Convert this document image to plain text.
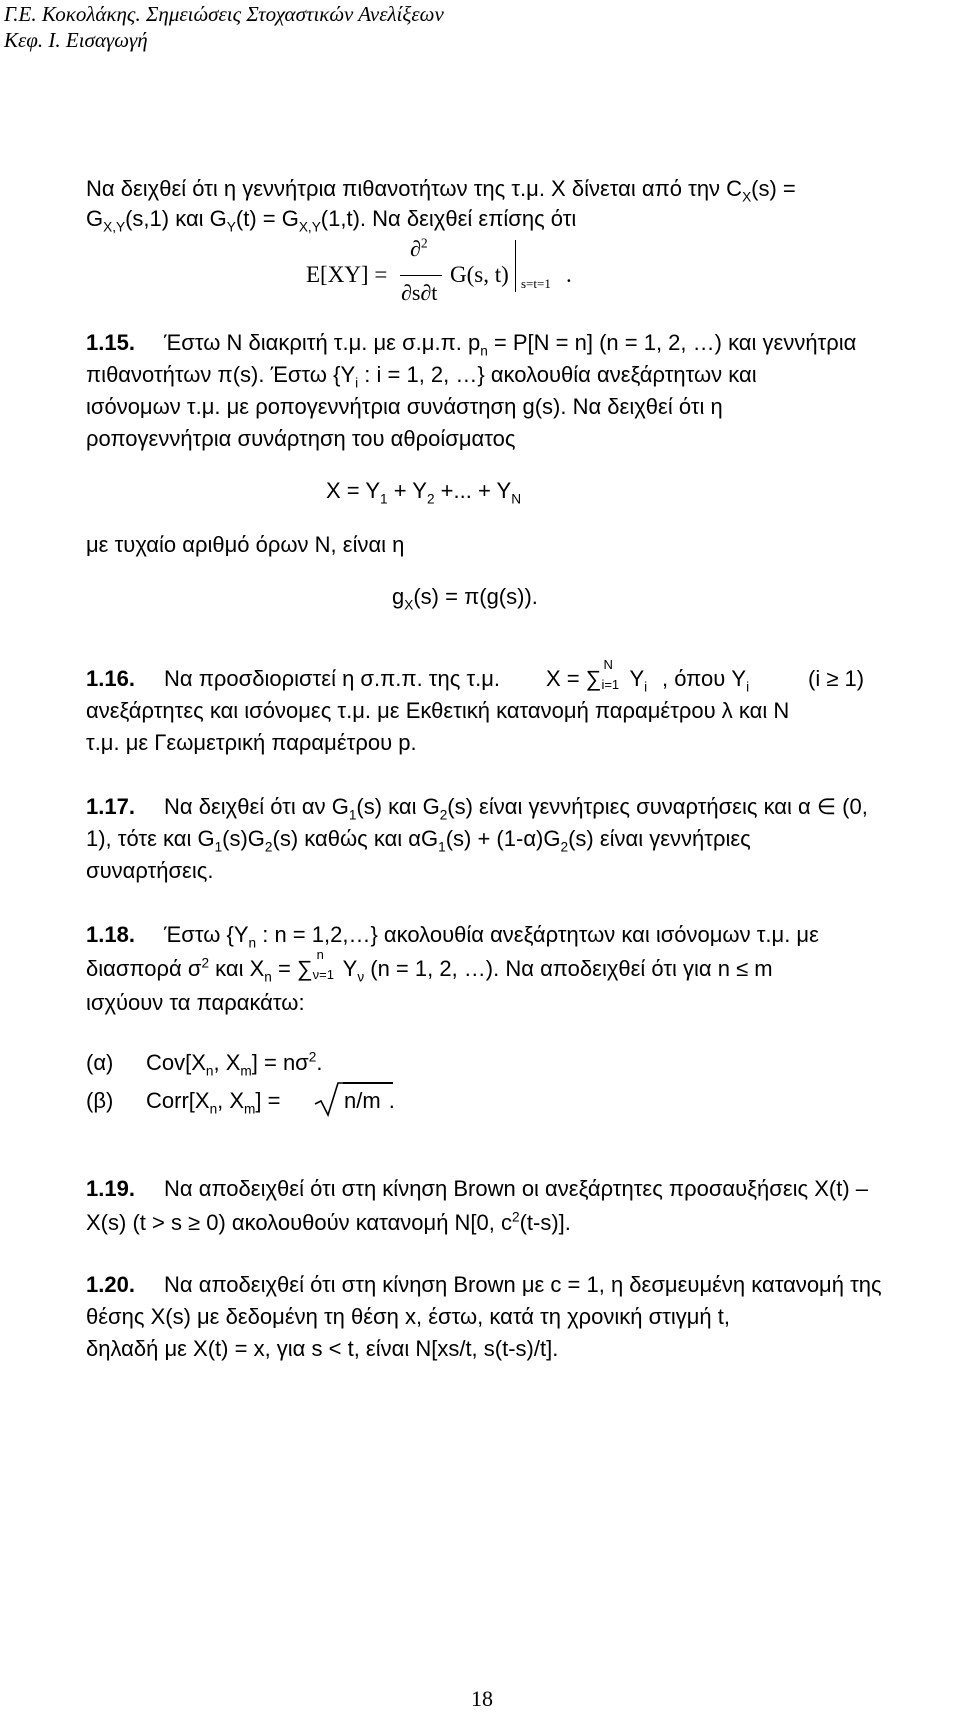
Γ.Ε. Κοκολάκης. Σημειώσεις Στοχαστικών Ανελίξεων
Κεφ. Ι. Εισαγωγή
Να δειχθεί ότι η γεννήτρια πιθανοτήτων της τ.μ. X δίνεται από την $C_X(s)$ =
$G_{X,Y}(s,1)$ και $G_Y(t) = G_{X,Y}(1,t)$. Να δειχθεί επίσης ότι
E[XY] =
∂$^2$
∂s∂t
G(s, t) s=t=1 .
1.15. Έστω N διακριτή τ.μ. με σ.μ.π. $p_n = P[N = n] (n = 1$, 2, …) και γεννήτρια
πιθανοτήτων π(s). Έστω {$Y_i$ : i = 1, 2, …} ακολουθία ανεξάρτητων και
ισόνομων τ.μ. με ροπογεννήτρια συνάστηση g(s). Να δειχθεί ότι η
ροπογεννήτρια συνάρτηση του αθροίσματος
$X = Y_1 + Y_2$ +... + $Y_N$
με τυχαίο αριθμό όρων N, είναι η
$g_X(s) = \pi(g(s))$.
1.16. Να προσδιοριστεί η σ.π.π. της τ.μ. X = ∑
N
i=1 $Y_i$ , όπου $Y_i$	(i ≥ 1)
ανεξάρτητες και ισόνομες τ.μ. με Εκθετική κατανομή παραμέτρου λ και N
τ.μ. με Γεωμετρική παραμέτρου p.
1.17. Να δειχθεί ότι αν $G_1(s)$ και $G_2(s)$ είναι γεννήτριες συναρτήσεις και α ∈ (0,
1), τότε και $G_1(s)G_2(s)$ καθώς και $\alpha G_1(s) + (1-\alpha)G_2(s)$ είναι γεννήτριες
συναρτήσεις.
1.18. Έστω {$Y_n$ : n = 1,2,…} ακολουθία ανεξάρτητων και ισόνομων τ.μ. με
διασπορά $\sigma^2$ και $X_n$ = ∑
n
ν=1 $Y_\nu$ (n = 1, 2, …). Να αποδειχθεί ότι για n ≤ m
ισχύουν τα παρακάτω:
(α) $Cov[X_n$, $X_m] = n\sigma^2$.
(β) $Corr[X_n$, $X_m$] =	n/m .
1.19. Να αποδειχθεί ότι στη κίνηση Brown οι ανεξάρτητες προσαυξήσεις X(t) –
X(s) (t > s ≥ 0) ακολουθούν κατανομή N[0, $c^2(t-s)$].
1.20. Να αποδειχθεί ότι στη κίνηση Brown με c = 1, η δεσμευμένη κατανομή της
θέσης X(s) με δεδομένη τη θέση x, έστω, κατά τη χρονική στιγμή t,
δηλαδή με X(t) = x, για s < t, είναι N[xs/t, s(t-s)/t].
18
